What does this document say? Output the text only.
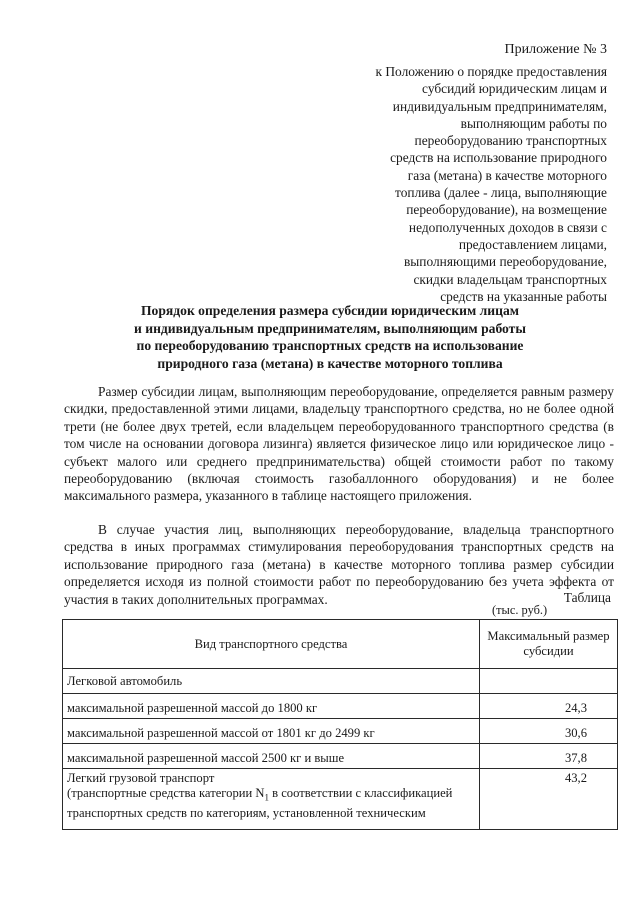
Приложение № 3
к Положению о порядке предоставления
субсидий юридическим лицам и
индивидуальным предпринимателям,
выполняющим работы по
переоборудованию транспортных
средств на использование природного
газа (метана) в качестве моторного
топлива (далее - лица, выполняющие
переоборудование), на возмещение
недополученных доходов в связи с
предоставлением лицами,
выполняющими переоборудование,
скидки владельцам транспортных
средств на указанные работы
Порядок определения размера субсидии юридическим лицам
и индивидуальным предпринимателям, выполняющим работы
по переоборудованию транспортных средств на использование
природного газа (метана) в качестве моторного топлива

Размер субсидии лицам, выполняющим переоборудование, определяется равным размеру скидки, предоставленной этими лицами, владельцу транспортного средства, но не более одной трети (не более двух третей, если владельцем переоборудованного транспортного средства (в том числе на основании договора лизинга) является физическое лицо или юридическое лицо - субъект малого или среднего предпринимательства) общей стоимости работ по такому переоборудованию (включая стоимость газобаллонного оборудования) и не более максимального размера, указанного в таблице настоящего приложения.

В случае участия лиц, выполняющих переоборудование, владельца транспортного средства в иных программах стимулирования переоборудования транспортных средств на использование природного газа (метана) в качестве моторного топлива размер субсидии определяется исходя из полной стоимости работ по переоборудованию без учета эффекта от участия в таких дополнительных программах.	Таблица
(тыс. руб.)
Вид транспортного средства	Максимальный размер субсидии
Легковой автомобиль	
максимальной разрешенной массой до 1800 кг	24,3
максимальной разрешенной массой от 1801 кг до 2499 кг	30,6
максимальной разрешенной массой 2500 кг и выше	37,8

Легкий грузовой транспорт
(транспортные средства категории $N_1$ в соответствии с классификацией
транспортных средств по категориям, установленной техническим	43,2
